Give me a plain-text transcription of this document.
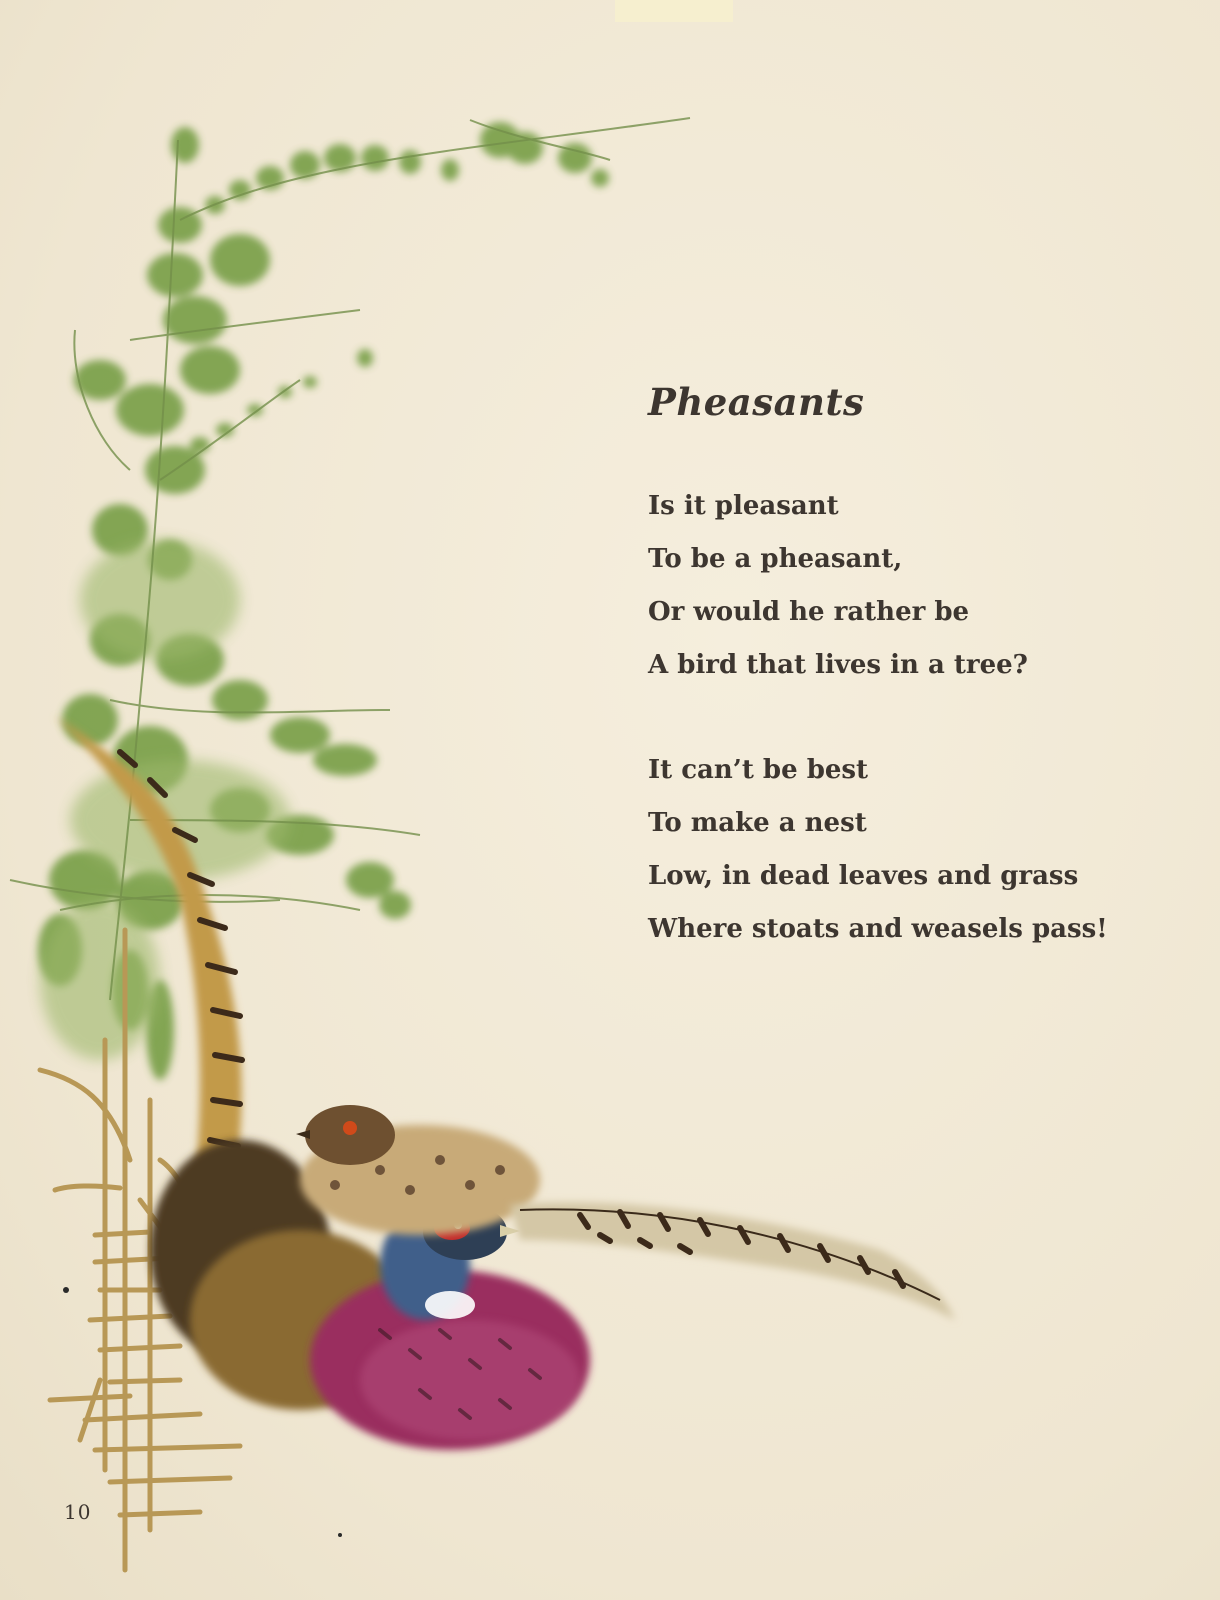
Pheasants
Is it pleasant
To be a pheasant,
Or would he rather be
A bird that lives in a tree?
It can’t be best
To make a nest
Low, in dead leaves and grass
Where stoats and weasels pass!
10
